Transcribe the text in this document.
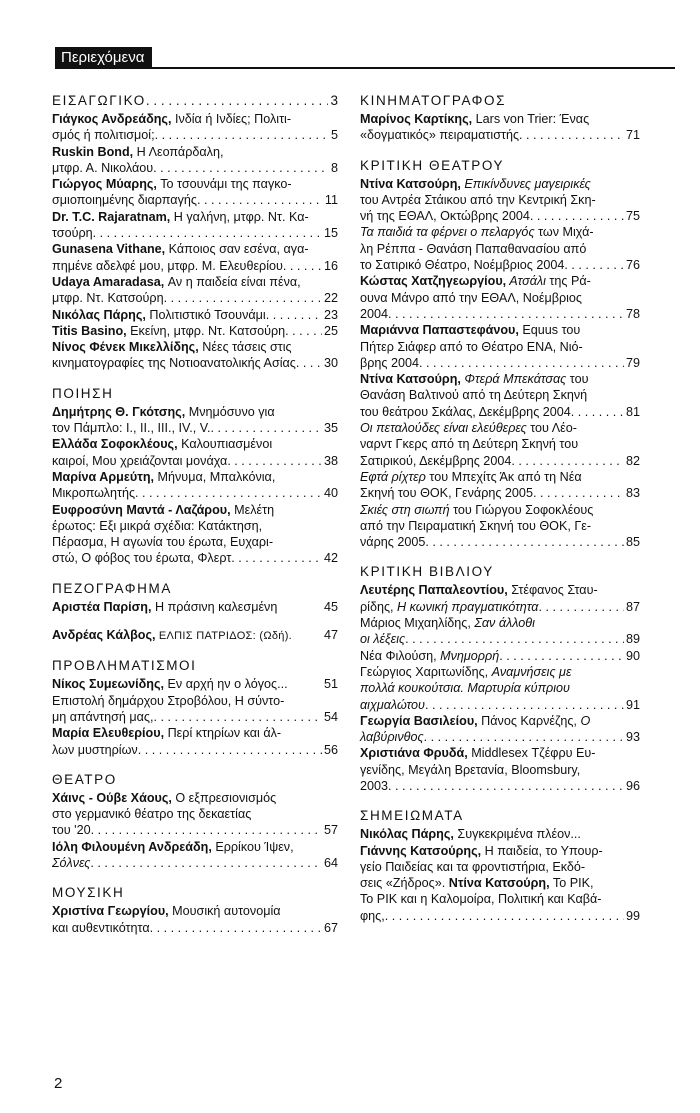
Περιεχόμενα
ΕΙΣΑΓΩΓΙΚΟ . . .	3
Γιάγκος Ανδρεάδης, Ινδία ή Ινδίες; Πολιτι-
σμός ή πολιτισμοί; . . .	5
Ruskin Bond, Η Λεοπάρδαλη,
μτφρ. Α. Νικολάου . . .	8
Γιώργος Μύαρης, Το τσουνάμι της παγκο-
σμιοποιημένης διαρπαγής . . .	11
Dr. T.C. Rajaratnam, Η γαλήνη, μτφρ. Ντ. Κα-
τσούρη . . .	15
Gunasena Vithane, Κάποιος σαν εσένα, αγα-
πημένε αδελφέ μου, μτφρ. Μ. Ελευθερίου . . .	16
Udaya Amaradasa, Αν η παιδεία είναι πένα,
μτφρ. Ντ. Κατσούρη . . .	22
Νικόλας Πάρης, Πολιτιστικό Τσουνάμι . . .	23
Titis Basino, Εκείνη, μτφρ. Ντ. Κατσούρη . . .	25
Νίνος Φένεκ Μικελλίδης, Νέες τάσεις στις
κινηματογραφίες της Νοτιοανατολικής Ασίας . . . 30
ΠΟΙΗΣΗ
Δημήτρης Θ. Γκότσης, Μνημόσυνο για
τον Πάμπλο: I., II., III., IV., V. . . .	35
Ελλάδα Σοφοκλέους, Καλουπιασμένοι
καιροί, Μου χρειάζονται μονάχα . . .	38
Μαρίνα Αρμεύτη, Μήνυμα, Μπαλκόνια,
Μικροπωλητής . . .	40
Ευφροσύνη Μαντά - Λαζάρου, Μελέτη
έρωτος: Εξι μικρά σχέδια: Κατάκτηση,
Πέρασμα, Η αγωνία του έρωτα, Ευχαρι-
στώ, Ο φόβος του έρωτα, Φλερτ . . .	42
ΠΕΖΟΓΡΑΦΗΜΑ
Αριστέα Παρίση, Η πράσινη καλεσμένη	45
Ανδρέας Κάλβος, ΕΛΠΙΣ ΠΑΤΡΙΔΟΣ: (Ωδή).	47
ΠΡΟΒΛΗΜΑΤΙΣΜΟΙ
Νίκος Συμεωνίδης, Εν αρχή ην ο λόγος...	51
Επιστολή δημάρχου Στροβόλου, Η σύντο-
μη απάντησή μας, . . .	54
Μαρία Ελευθερίου, Περί κτηρίων και άλ-
λων μυστηρίων . . .	56
ΘΕΑΤΡΟ
Χάινς - Ούβε Χάους, Ο εξπρεσιονισμός
στο γερμανικό θέατρο της δεκαετίας
του '20 . . .	57
Ιόλη Φιλουμένη Ανδρεάδη, Ερρίκου Ίψεν,
Σόλνες . . .	64
ΜΟΥΣΙΚΗ
Χριστίνα Γεωργίου, Μουσική αυτονομία
και αυθεντικότητα . . .	67
ΚΙΝΗΜΑΤΟΓΡΑΦΟΣ
Μαρίνος Καρτίκης, Lars von Trier: Ένας
«δογματικός» πειραματιστής . . .	71
ΚΡΙΤΙΚΗ ΘΕΑΤΡΟΥ
Ντίνα Κατσούρη, Επικίνδυνες μαγειρικές
του Αντρέα Στάικου από την Κεντρική Σκη-
νή της ΕΘΑΛ, Οκτώβρης 2004 . . .	75
Τα παιδιά τα φέρνει ο πελαργός των Μιχά-
λη Ρέππα - Θανάση Παπαθανασίου από
το Σατιρικό Θέατρο, Νοέμβριος 2004 . . .	76
Κώστας Χατζηγεωργίου, Ατσάλι της Ρά-
ουνα Μάνρο από την ΕΘΑΛ, Νοέμβριος
2004 . . .	78
Μαριάννα Παπαστεφάνου, Equus του
Πήτερ Σιάφερ από το Θέατρο ΕΝΑ, Νιό-
βρης 2004 . . .	79
Ντίνα Κατσούρη, Φτερά Μπεκάτσας του
Θανάση Βαλτινού από τη Δεύτερη Σκηνή
του θεάτρου Σκάλας, Δεκέμβρης 2004 . . .	81
Οι πεταλούδες είναι ελεύθερες του Λέο-
ναρντ Γκερς από τη Δεύτερη Σκηνή του
Σατιρικού, Δεκέμβρης 2004 . . .	82
Εφτά ρίχτερ του Μπεχίτς Άκ από τη Νέα
Σκηνή του ΘΟΚ, Γενάρης 2005 . . .	83
Σκιές στη σιωπή του Γιώργου Σοφοκλέους
από την Πειραματική Σκηνή του ΘΟΚ, Γε-
νάρης 2005 . . .	85
ΚΡΙΤΙΚΗ ΒΙΒΛΙΟΥ
Λευτέρης Παπαλεοντίου, Στέφανος Σταυ-
ρίδης, Η κωνική πραγματικότητα . . .	87
Μάριος Μιχαηλίδης, Σαν άλλοθι
οι λέξεις . . .	89
Νέα Φιλούση, Μνημορρή . . .	90
Γεώργιος Χαριτωνίδης, Αναμνήσεις με
πολλά κουκούτσια. Μαρτυρία κύπριου
αιχμαλώτου . . .	91
Γεωργία Βασιλείου, Πάνος Καρνέζης, Ο
λαβύρινθος . . .	93
Χριστιάνα Φρυδά, Middlesex Τζέφρυ Ευ-
γενίδης, Μεγάλη Βρετανία, Bloomsbury,
2003 . . .	96
ΣΗΜΕΙΩΜΑΤΑ
Νικόλας Πάρης, Συγκεκριμένα πλέον...
Γιάννης Κατσούρης, Η παιδεία, το Υπουρ-
γείο Παιδείας και τα φροντιστήρια, Εκδό-
σεις «Ζήδρος». Ντίνα Κατσούρη, Το ΡΙΚ,
Το ΡΙΚ και η Καλομοίρα, Πολιτική και Καβά-
φης, . . .	99
2
